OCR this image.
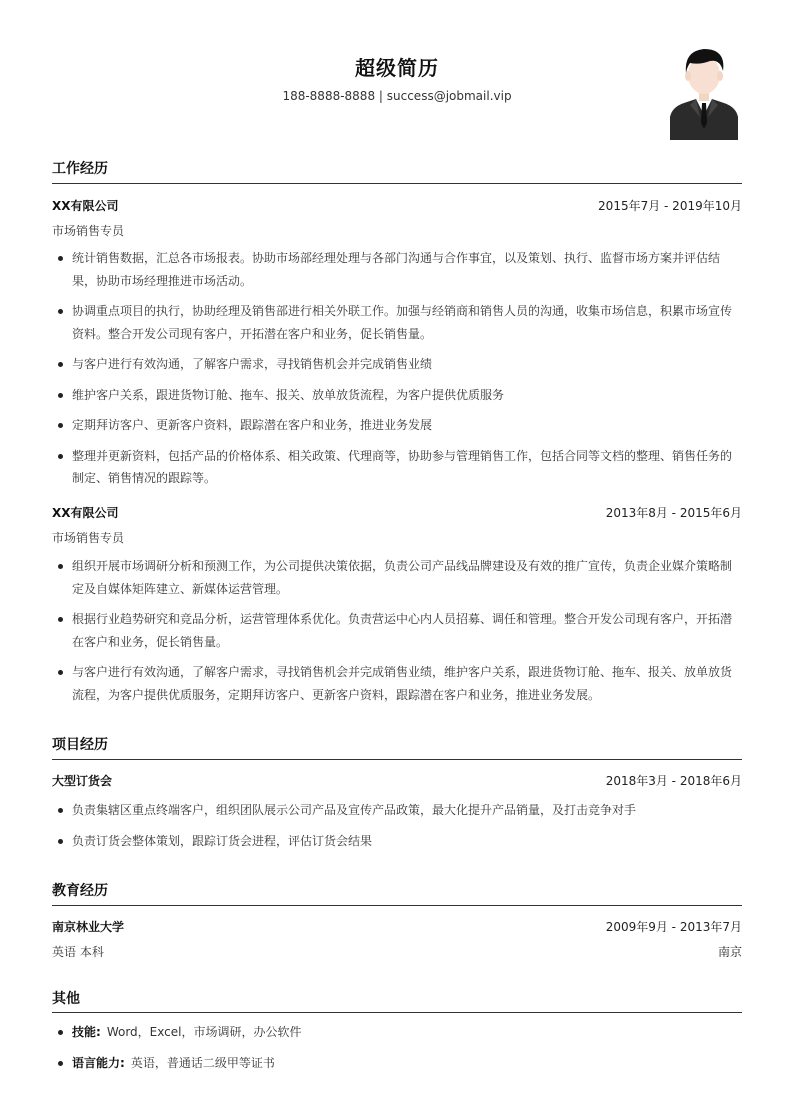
超级简历
188-8888-8888 | success@jobmail.vip
工作经历
XX有限公司	2015年7月 - 2019年10月
市场销售专员
统计销售数据，汇总各市场报表。协助市场部经理处理与各部门沟通与合作事宜，以及策划、执行、监督市场方案并评估结果，协助市场经理推进市场活动。
协调重点项目的执行，协助经理及销售部进行相关外联工作。加强与经销商和销售人员的沟通，收集市场信息，积累市场宣传资料。整合开发公司现有客户，开拓潜在客户和业务，促长销售量。
与客户进行有效沟通，了解客户需求，寻找销售机会并完成销售业绩
维护客户关系，跟进货物订舱、拖车、报关、放单放货流程，为客户提供优质服务
定期拜访客户、更新客户资料，跟踪潜在客户和业务，推进业务发展
整理并更新资料，包括产品的价格体系、相关政策、代理商等，协助参与管理销售工作，包括合同等文档的整理、销售任务的制定、销售情况的跟踪等。
XX有限公司	2013年8月 - 2015年6月
市场销售专员
组织开展市场调研分析和预测工作，为公司提供决策依据，负责公司产品线品牌建设及有效的推广宣传，负责企业媒介策略制定及自媒体矩阵建立、新媒体运营管理。
根据行业趋势研究和竞品分析，运营管理体系优化。负责营运中心内人员招募、调任和管理。整合开发公司现有客户，开拓潜在客户和业务，促长销售量。
与客户进行有效沟通，了解客户需求，寻找销售机会并完成销售业绩，维护客户关系，跟进货物订舱、拖车、报关、放单放货流程，为客户提供优质服务，定期拜访客户、更新客户资料，跟踪潜在客户和业务，推进业务发展。
项目经历
大型订货会	2018年3月 - 2018年6月
负责集辖区重点终端客户，组织团队展示公司产品及宣传产品政策，最大化提升产品销量，及打击竞争对手
负责订货会整体策划，跟踪订货会进程，评估订货会结果
教育经历
南京林业大学	2009年9月 - 2013年7月
英语 本科	南京
其他
技能: Word，Excel，市场调研，办公软件
语言能力: 英语，普通话二级甲等证书
